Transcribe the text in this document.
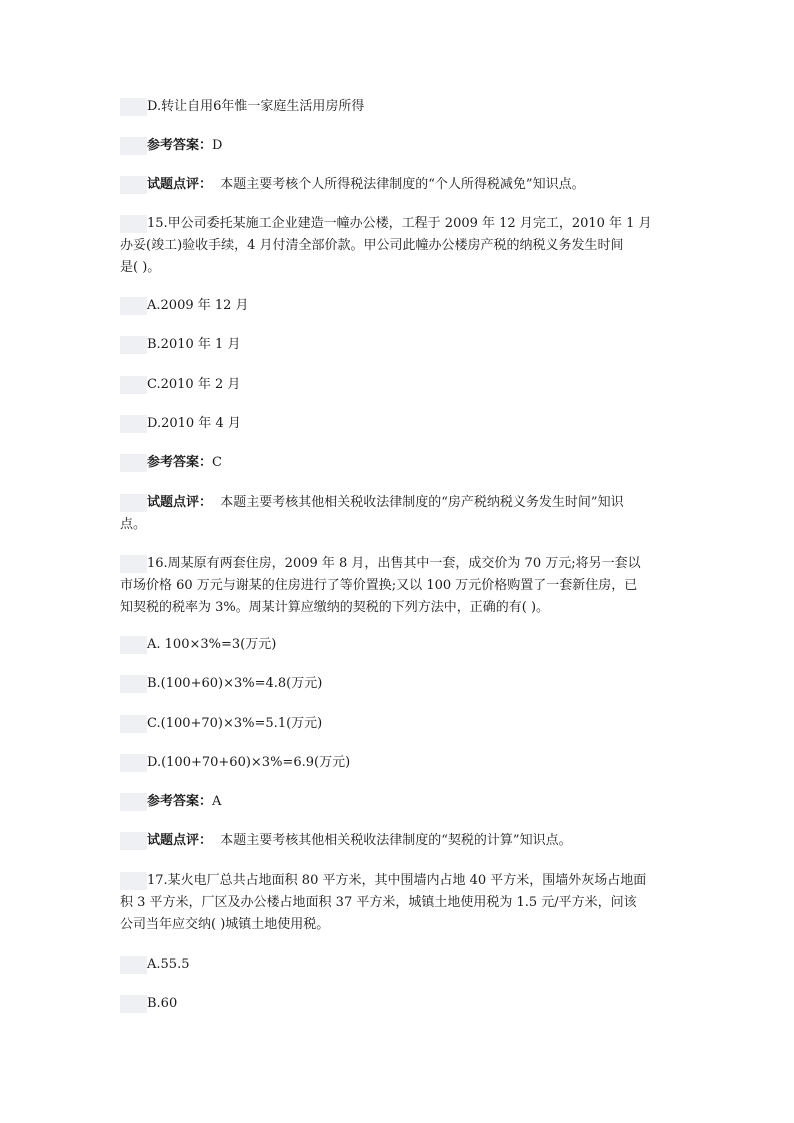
D.转让自用6年惟一家庭生活用房所得
参考答案：D
试题点评： 本题主要考核个人所得税法律制度的“个人所得税减免”知识点。
15.甲公司委托某施工企业建造一幢办公楼，工程于 2009 年 12 月完工，2010 年 1 月
办妥(竣工)验收手续，4 月付清全部价款。甲公司此幢办公楼房产税的纳税义务发生时间
是( )。
A.2009 年 12 月
B.2010 年 1 月
C.2010 年 2 月
D.2010 年 4 月
参考答案：C
试题点评： 本题主要考核其他相关税收法律制度的“房产税纳税义务发生时间”知识
点。
16.周某原有两套住房，2009 年 8 月，出售其中一套，成交价为 70 万元;将另一套以
市场价格 60 万元与谢某的住房进行了等价置换;又以 100 万元价格购置了一套新住房，已
知契税的税率为 3%。周某计算应缴纳的契税的下列方法中，正确的有( )。
A. 100×3%=3(万元)
B.(100+60)×3%=4.8(万元)
C.(100+70)×3%=5.1(万元)
D.(100+70+60)×3%=6.9(万元)
参考答案：A
试题点评： 本题主要考核其他相关税收法律制度的“契税的计算”知识点。
17.某火电厂总共占地面积 80 平方米，其中围墙内占地 40 平方米，围墙外灰场占地面
积 3 平方米，厂区及办公楼占地面积 37 平方米，城镇土地使用税为 1.5 元/平方米，问该
公司当年应交纳( )城镇土地使用税。
A.55.5
B.60
